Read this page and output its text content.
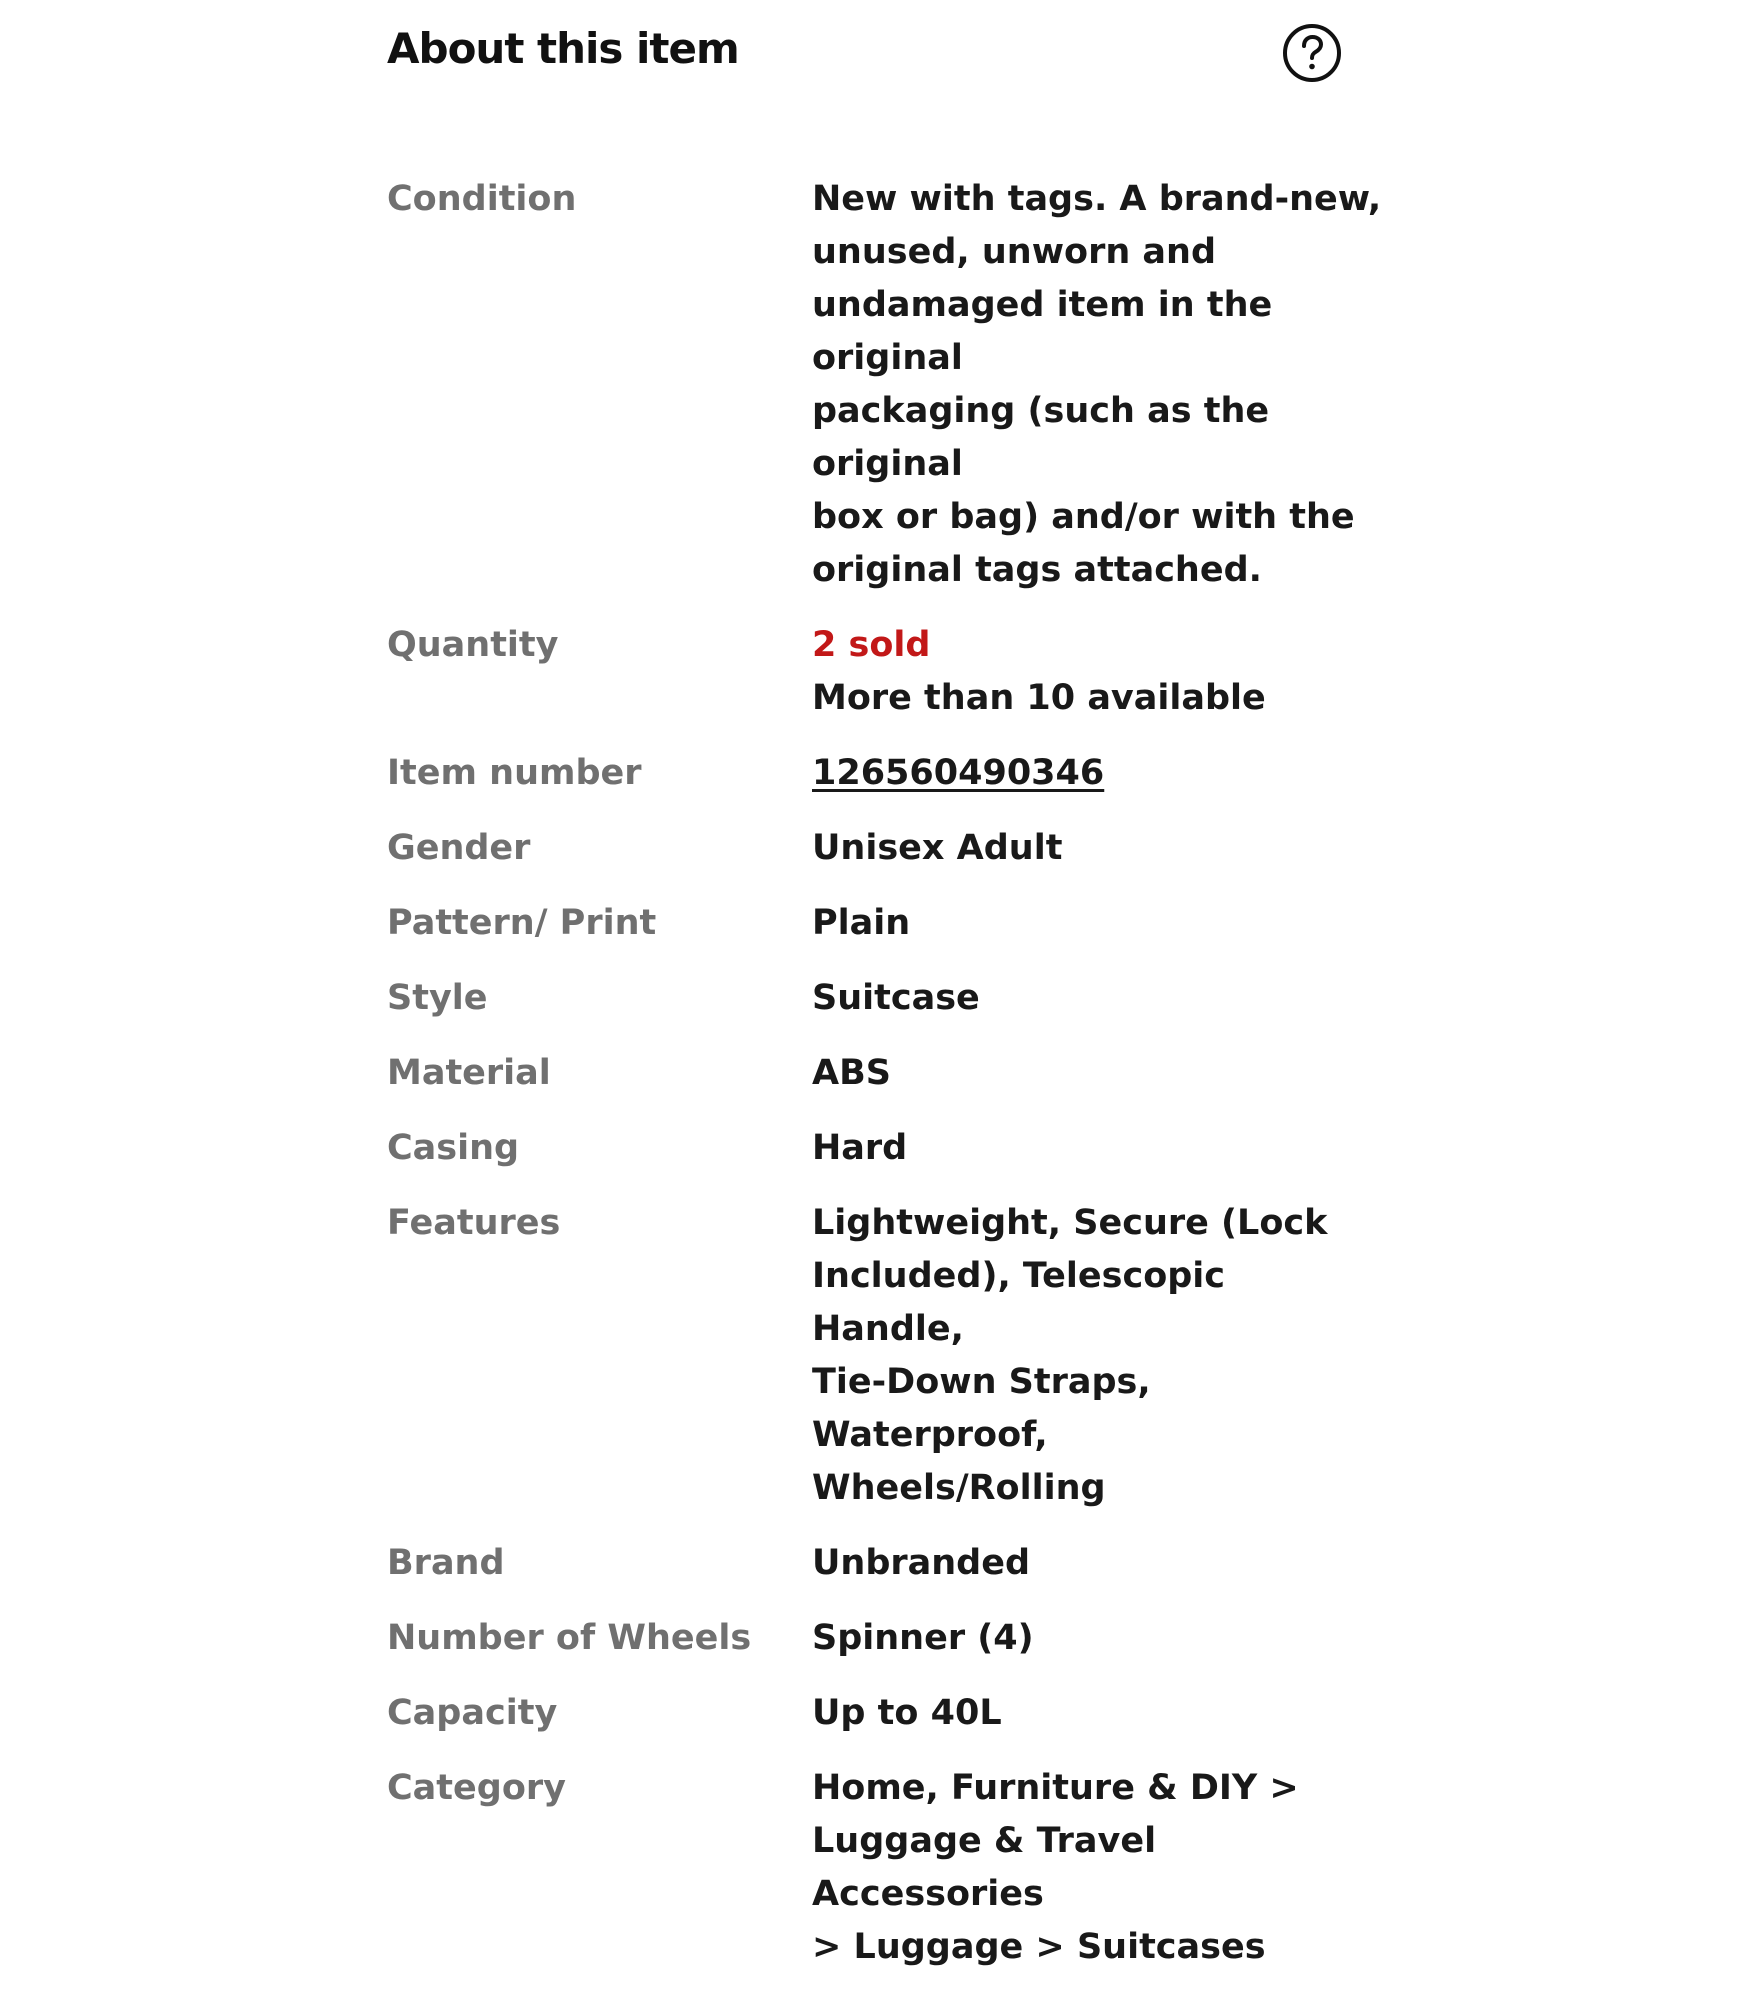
About this item
Condition	New with tags. A brand-new,
unused, unworn and
undamaged item in the original
packaging (such as the original
box or bag) and/or with the
original tags attached.
Quantity	2 sold
More than 10 available
Item number	126560490346
Gender	Unisex Adult
Pattern/ Print	Plain
Style	Suitcase
Material	ABS
Casing	Hard
Features	Lightweight, Secure (Lock
Included), Telescopic Handle,
Tie-Down Straps, Waterproof,
Wheels/Rolling
Brand	Unbranded
Number of Wheels	Spinner (4)
Capacity	Up to 40L
Category	Home, Furniture & DIY >
Luggage & Travel Accessories
> Luggage > Suitcases
